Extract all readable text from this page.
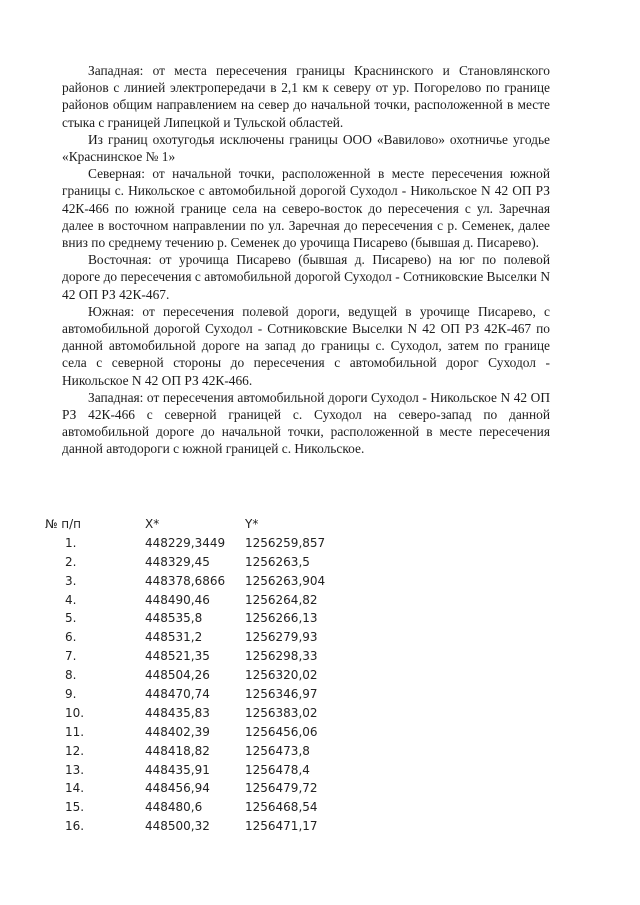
Западная: от места пересечения границы Краснинского и Становлянского районов с линией электропередачи в 2,1 км к северу от ур. Погорелово по границе районов общим направлением на север до начальной точки, расположенной в месте стыка с границей Липецкой и Тульской областей.

Из границ охотугодья исключены границы ООО «Вавилово» охотничье угодье «Краснинское № 1»

Северная: от начальной точки, расположенной в месте пересечения южной границы с. Никольское с автомобильной дорогой Суходол - Никольское N 42 ОП РЗ 42К-466 по южной границе села на северо-восток до пересечения с ул. Заречная далее в восточном направлении по ул. Заречная до пересечения с р. Семенек, далее вниз по среднему течению р. Семенек до урочища Писарево (бывшая д. Писарево).

Восточная: от урочища Писарево (бывшая д. Писарево) на юг по полевой дороге до пересечения с автомобильной дорогой Суходол - Сотниковские Выселки N 42 ОП РЗ 42К-467.

Южная: от пересечения полевой дороги, ведущей в урочище Писарево, с автомобильной дорогой Суходол - Сотниковские Выселки N 42 ОП РЗ 42К-467 по данной автомобильной дороге на запад до границы с. Суходол, затем по границе села с северной стороны до пересечения с автомобильной дорог Суходол - Никольское N 42 ОП РЗ 42К-466.

Западная: от пересечения автомобильной дороги Суходол - Никольское N 42 ОП РЗ 42К-466 с северной границей с. Суходол на северо-запад по данной автомобильной дороге до начальной точки, расположенной в месте пересечения данной автодороги с южной границей с. Никольское.

№ п/п	X*	Y*
1.	448229,3449	1256259,857
2.	448329,45	1256263,5
3.	448378,6866	1256263,904
4.	448490,46	1256264,82
5.	448535,8	1256266,13
6.	448531,2	1256279,93
7.	448521,35	1256298,33
8.	448504,26	1256320,02
9.	448470,74	1256346,97
10.	448435,83	1256383,02
11.	448402,39	1256456,06
12.	448418,82	1256473,8
13.	448435,91	1256478,4
14.	448456,94	1256479,72
15.	448480,6	1256468,54
16.	448500,32	1256471,17
